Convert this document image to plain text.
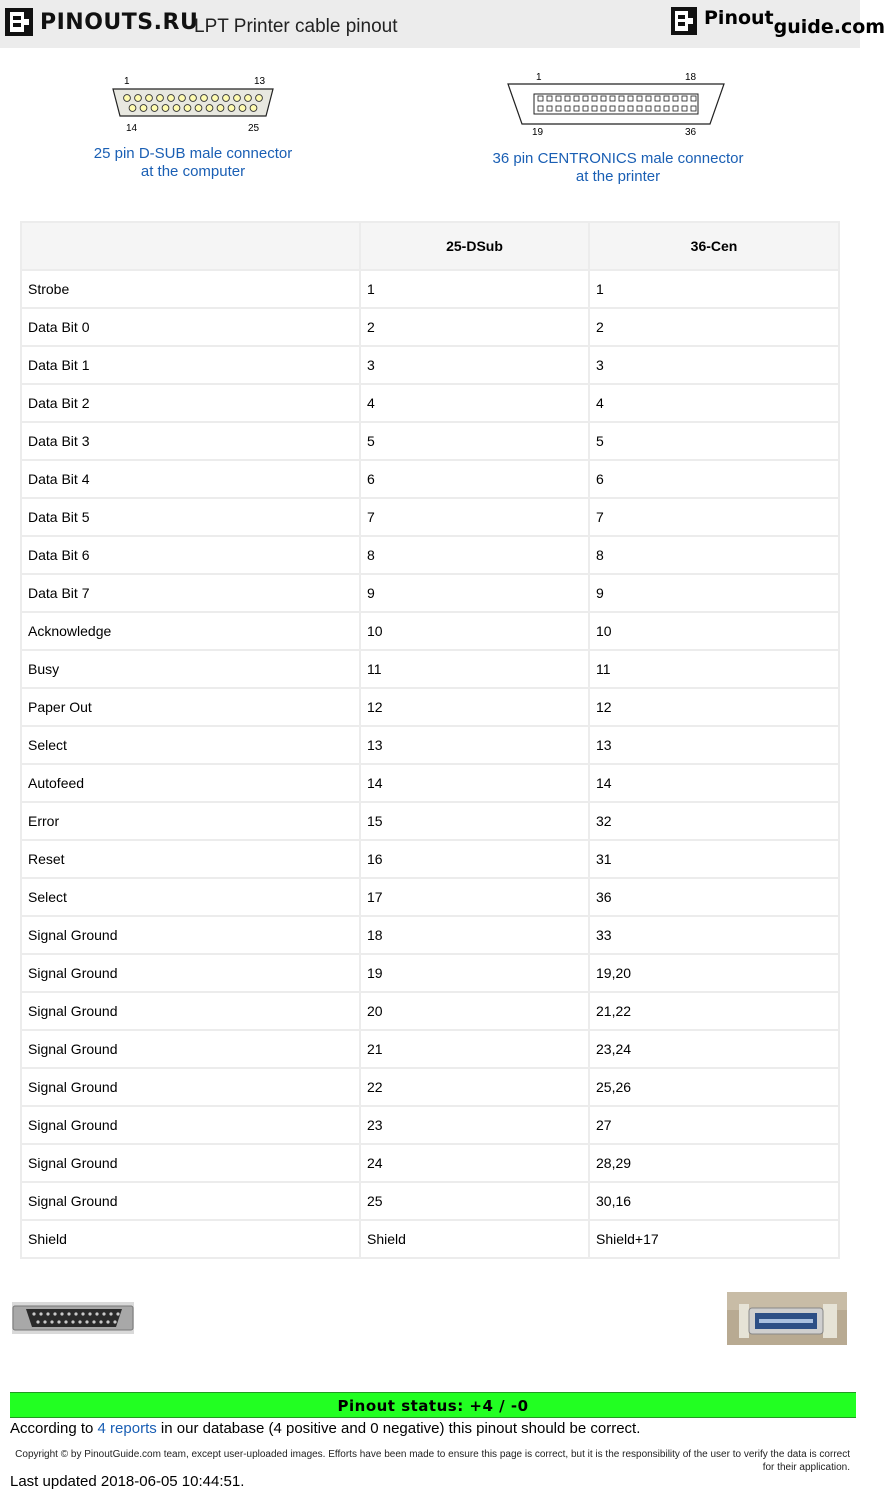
PINOUTS.RU
LPT Printer cable pinout	Pinout guide.com
1	13
14	25
25 pin D-SUB male connector
at the computer
1	18
19	36
36 pin CENTRONICS male connector
at the printer
	25-DSub	36-Cen
Strobe	1	1
Data Bit 0	2	2
Data Bit 1	3	3
Data Bit 2	4	4
Data Bit 3	5	5
Data Bit 4	6	6
Data Bit 5	7	7
Data Bit 6	8	8
Data Bit 7	9	9
Acknowledge	10	10
Busy	11	11
Paper Out	12	12
Select	13	13
Autofeed	14	14
Error	15	32
Reset	16	31
Select	17	36
Signal Ground	18	33
Signal Ground	19	19,20
Signal Ground	20	21,22
Signal Ground	21	23,24
Signal Ground	22	25,26
Signal Ground	23	27
Signal Ground	24	28,29
Signal Ground	25	30,16
Shield	Shield	Shield+17
Pinout status: +4 / -0
According to 4 reports in our database (4 positive and 0 negative) this pinout should be correct.
Copyright © by PinoutGuide.com team, except user-uploaded images. Efforts have been made to ensure this page is correct, but it is the responsibility of the user to verify the data is correct for their application.
Last updated 2018-06-05 10:44:51.
